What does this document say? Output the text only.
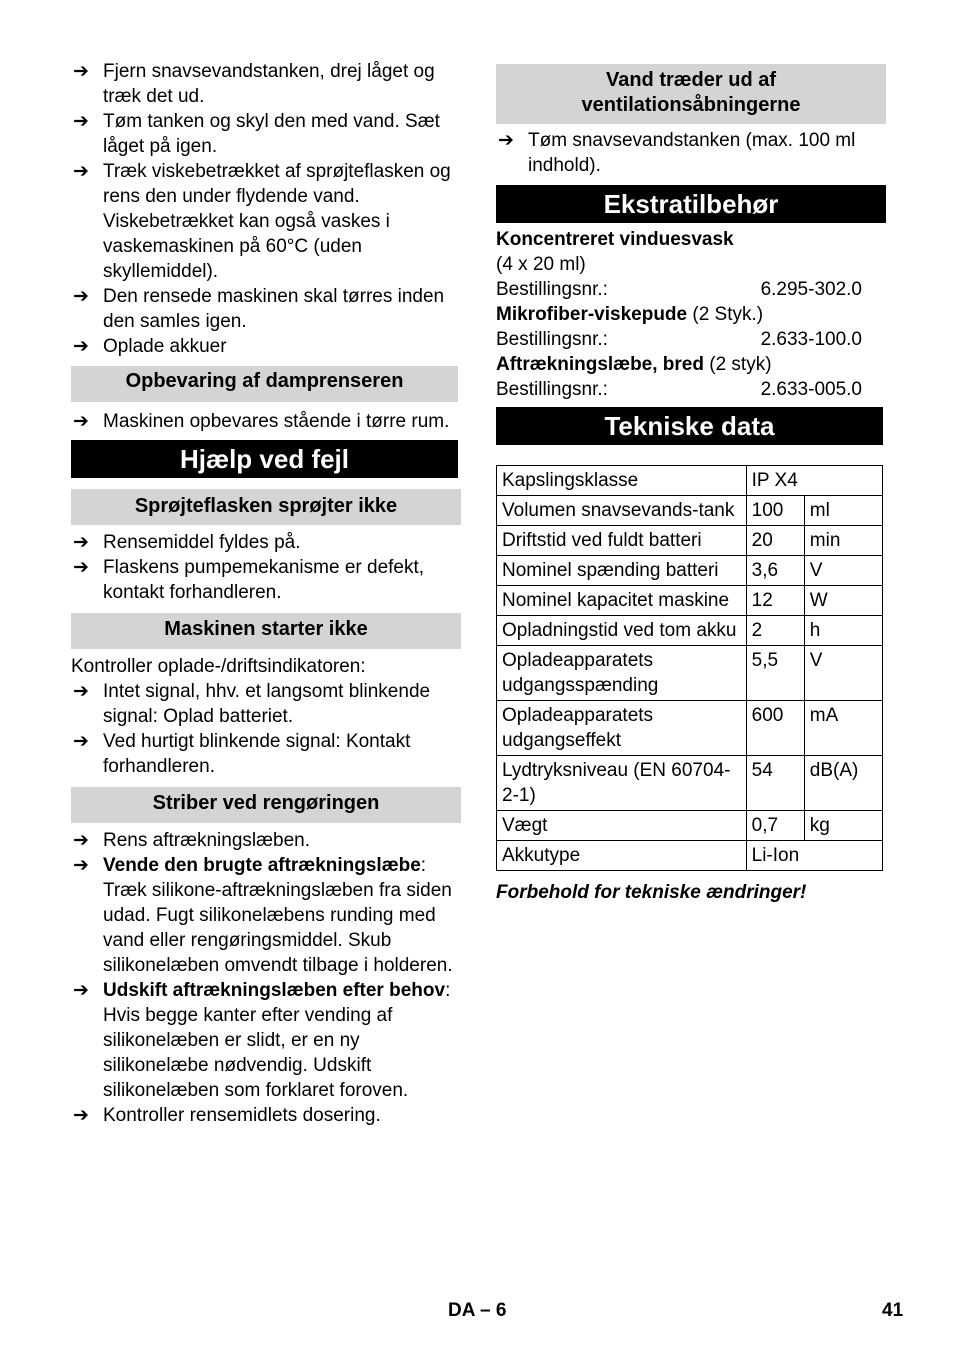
➔ Fjern snavsevandstanken, drej låget og træk det ud.
➔ Tøm tanken og skyl den med vand. Sæt låget på igen.
➔ Træk viskebetrækket af sprøjteflasken og rens den under flydende vand. Viskebetrækket kan også vaskes i vaskemaskinen på 60°C (uden skyllemiddel).
➔ Den rensede maskinen skal tørres inden den samles igen.
➔ Oplade akkuer
Opbevaring af damprenseren
➔ Maskinen opbevares stående i tørre rum.
Hjælp ved fejl
Sprøjteflasken sprøjter ikke
➔ Rensemiddel fyldes på.
➔ Flaskens pumpemekanisme er defekt, kontakt forhandleren.
Maskinen starter ikke
Kontroller oplade-/driftsindikatoren:
➔ Intet signal, hhv. et langsomt blinkende signal: Oplad batteriet.
➔ Ved hurtigt blinkende signal: Kontakt forhandleren.
Striber ved rengøringen
➔ Rens aftrækningslæben.
➔ Vende den brugte aftrækningslæbe:
Træk silikone-aftrækningslæben fra siden udad. Fugt silikonelæbens runding med vand eller rengøringsmiddel. Skub silikonelæben omvendt tilbage i holderen.
➔ Udskift aftrækningslæben efter behov:
Hvis begge kanter efter vending af silikonelæben er slidt, er en ny silikonelæbe nødvendig. Udskift silikonelæben som forklaret foroven.
➔ Kontroller rensemidlets dosering.
Vand træder ud af ventilationsåbningerne
➔ Tøm snavsevandstanken (max. 100 ml indhold).
Ekstratilbehør
Koncentreret vinduesvask
(4 x 20 ml)
Bestillingsnr.:	6.295-302.0
Mikrofiber-viskepude (2 Styk.)
Bestillingsnr.:	2.633-100.0
Aftrækningslæbe, bred (2 styk)
Bestillingsnr.:	2.633-005.0
Tekniske data
Kapslingsklasse	IP X4	
Volumen snavsevands-tank	100	ml
Driftstid ved fuldt batteri	20	min
Nominel spænding batteri	3,6	V
Nominel kapacitet maskine	12	W
Opladningstid ved tom akku	2	h
Opladeapparatets udgangsspænding	5,5	V
Opladeapparatets udgangseffekt	600	mA
Lydtryksniveau (EN 60704-2-1)	54	dB(A)
Vægt	0,7	kg
Akkutype	Li-Ion	
Forbehold for tekniske ændringer!
DA – 6	41
